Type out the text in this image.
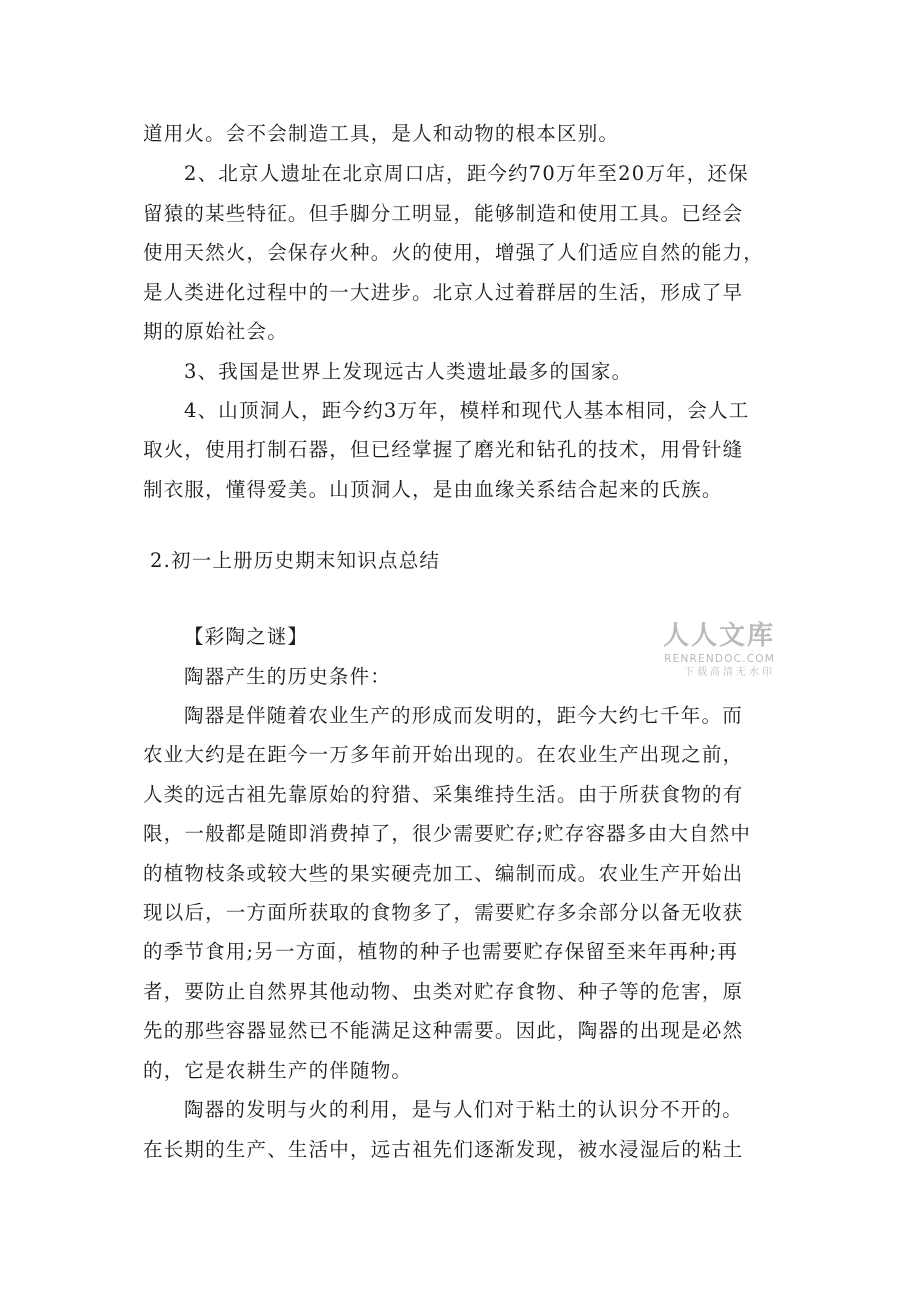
道用火。会不会制造工具，是人和动物的根本区别。
2、北京人遗址在北京周口店，距今约70万年至20万年，还保
留猿的某些特征。但手脚分工明显，能够制造和使用工具。已经会
使用天然火，会保存火种。火的使用，增强了人们适应自然的能力，
是人类进化过程中的一大进步。北京人过着群居的生活，形成了早
期的原始社会。
3、我国是世界上发现远古人类遗址最多的国家。
4、山顶洞人，距今约3万年，模样和现代人基本相同，会人工
取火，使用打制石器，但已经掌握了磨光和钻孔的技术，用骨针缝
制衣服，懂得爱美。山顶洞人，是由血缘关系结合起来的氏族。
2.初一上册历史期末知识点总结
【彩陶之谜】
陶器产生的历史条件：
陶器是伴随着农业生产的形成而发明的，距今大约七千年。而
农业大约是在距今一万多年前开始出现的。在农业生产出现之前，
人类的远古祖先靠原始的狩猎、采集维持生活。由于所获食物的有
限，一般都是随即消费掉了，很少需要贮存;贮存容器多由大自然中
的植物枝条或较大些的果实硬壳加工、编制而成。农业生产开始出
现以后，一方面所获取的食物多了，需要贮存多余部分以备无收获
的季节食用;另一方面，植物的种子也需要贮存保留至来年再种;再
者，要防止自然界其他动物、虫类对贮存食物、种子等的危害，原
先的那些容器显然已不能满足这种需要。因此，陶器的出现是必然
的，它是农耕生产的伴随物。
陶器的发明与火的利用，是与人们对于粘土的认识分不开的。
在长期的生产、生活中，远古祖先们逐渐发现，被水浸湿后的粘土
人人文库
RENRENDOC.COM
下载高清无水印
